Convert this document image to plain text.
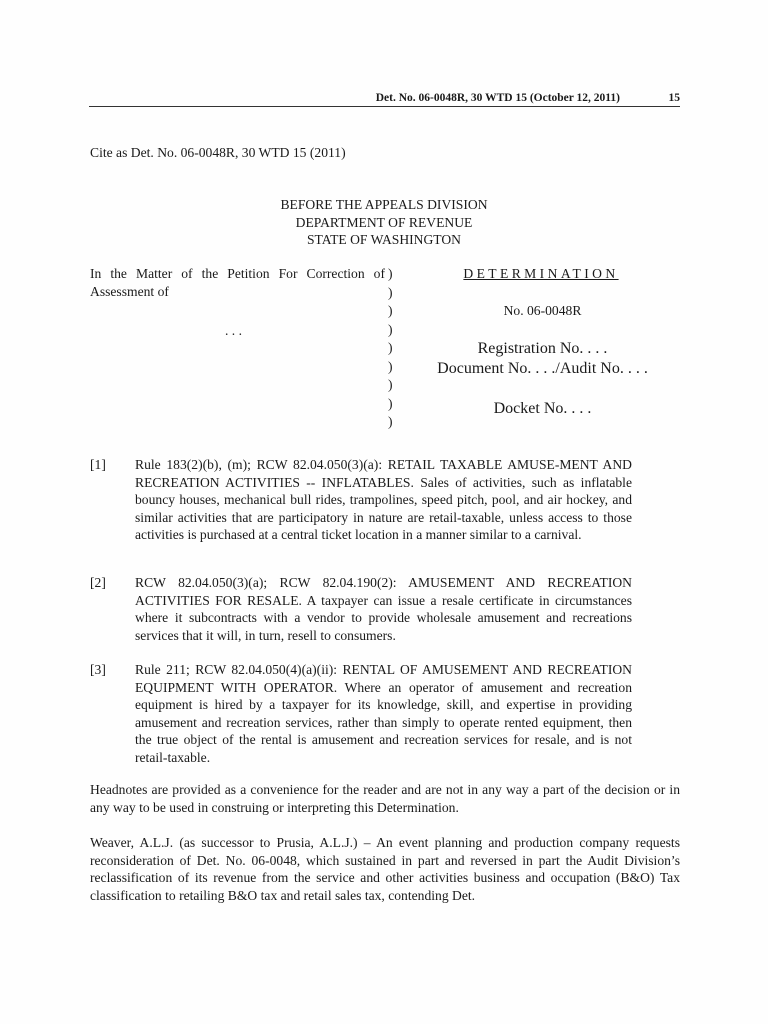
Det. No. 06-0048R, 30 WTD 15 (October 12, 2011)	15
Cite as Det. No. 06-0048R, 30 WTD 15 (2011)
BEFORE THE APPEALS DIVISION
DEPARTMENT OF REVENUE
STATE OF WASHINGTON
In the Matter of the Petition For Correction of Assessment of
. . .
)
)
)
)
)
)
)
)
)
DETERMINATION
No. 06-0048R
Registration No. . . .
Document No. . . ./Audit No. . . .
Docket No. . . .
[1]	Rule 183(2)(b), (m); RCW 82.04.050(3)(a): RETAIL TAXABLE AMUSE-MENT AND RECREATION ACTIVITIES -- INFLATABLES. Sales of activities, such as inflatable bouncy houses, mechanical bull rides, trampolines, speed pitch, pool, and air hockey, and similar activities that are participatory in nature are retail-taxable, unless access to those activities is purchased at a central ticket location in a manner similar to a carnival.
[2]	RCW 82.04.050(3)(a); RCW 82.04.190(2): AMUSEMENT AND RECREATION ACTIVITIES FOR RESALE. A taxpayer can issue a resale certificate in circumstances where it subcontracts with a vendor to provide wholesale amusement and recreations services that it will, in turn, resell to consumers.
[3]	Rule 211; RCW 82.04.050(4)(a)(ii): RENTAL OF AMUSEMENT AND RECREATION EQUIPMENT WITH OPERATOR. Where an operator of amusement and recreation equipment is hired by a taxpayer for its knowledge, skill, and expertise in providing amusement and recreation services, rather than simply to operate rented equipment, then the true object of the rental is amusement and recreation services for resale, and is not retail-taxable.
Headnotes are provided as a convenience for the reader and are not in any way a part of the decision or in any way to be used in construing or interpreting this Determination.
Weaver, A.L.J. (as successor to Prusia, A.L.J.) – An event planning and production company requests reconsideration of Det. No. 06-0048, which sustained in part and reversed in part the Audit Division’s reclassification of its revenue from the service and other activities business and occupation (B&O) Tax classification to retailing B&O tax and retail sales tax, contending Det.
